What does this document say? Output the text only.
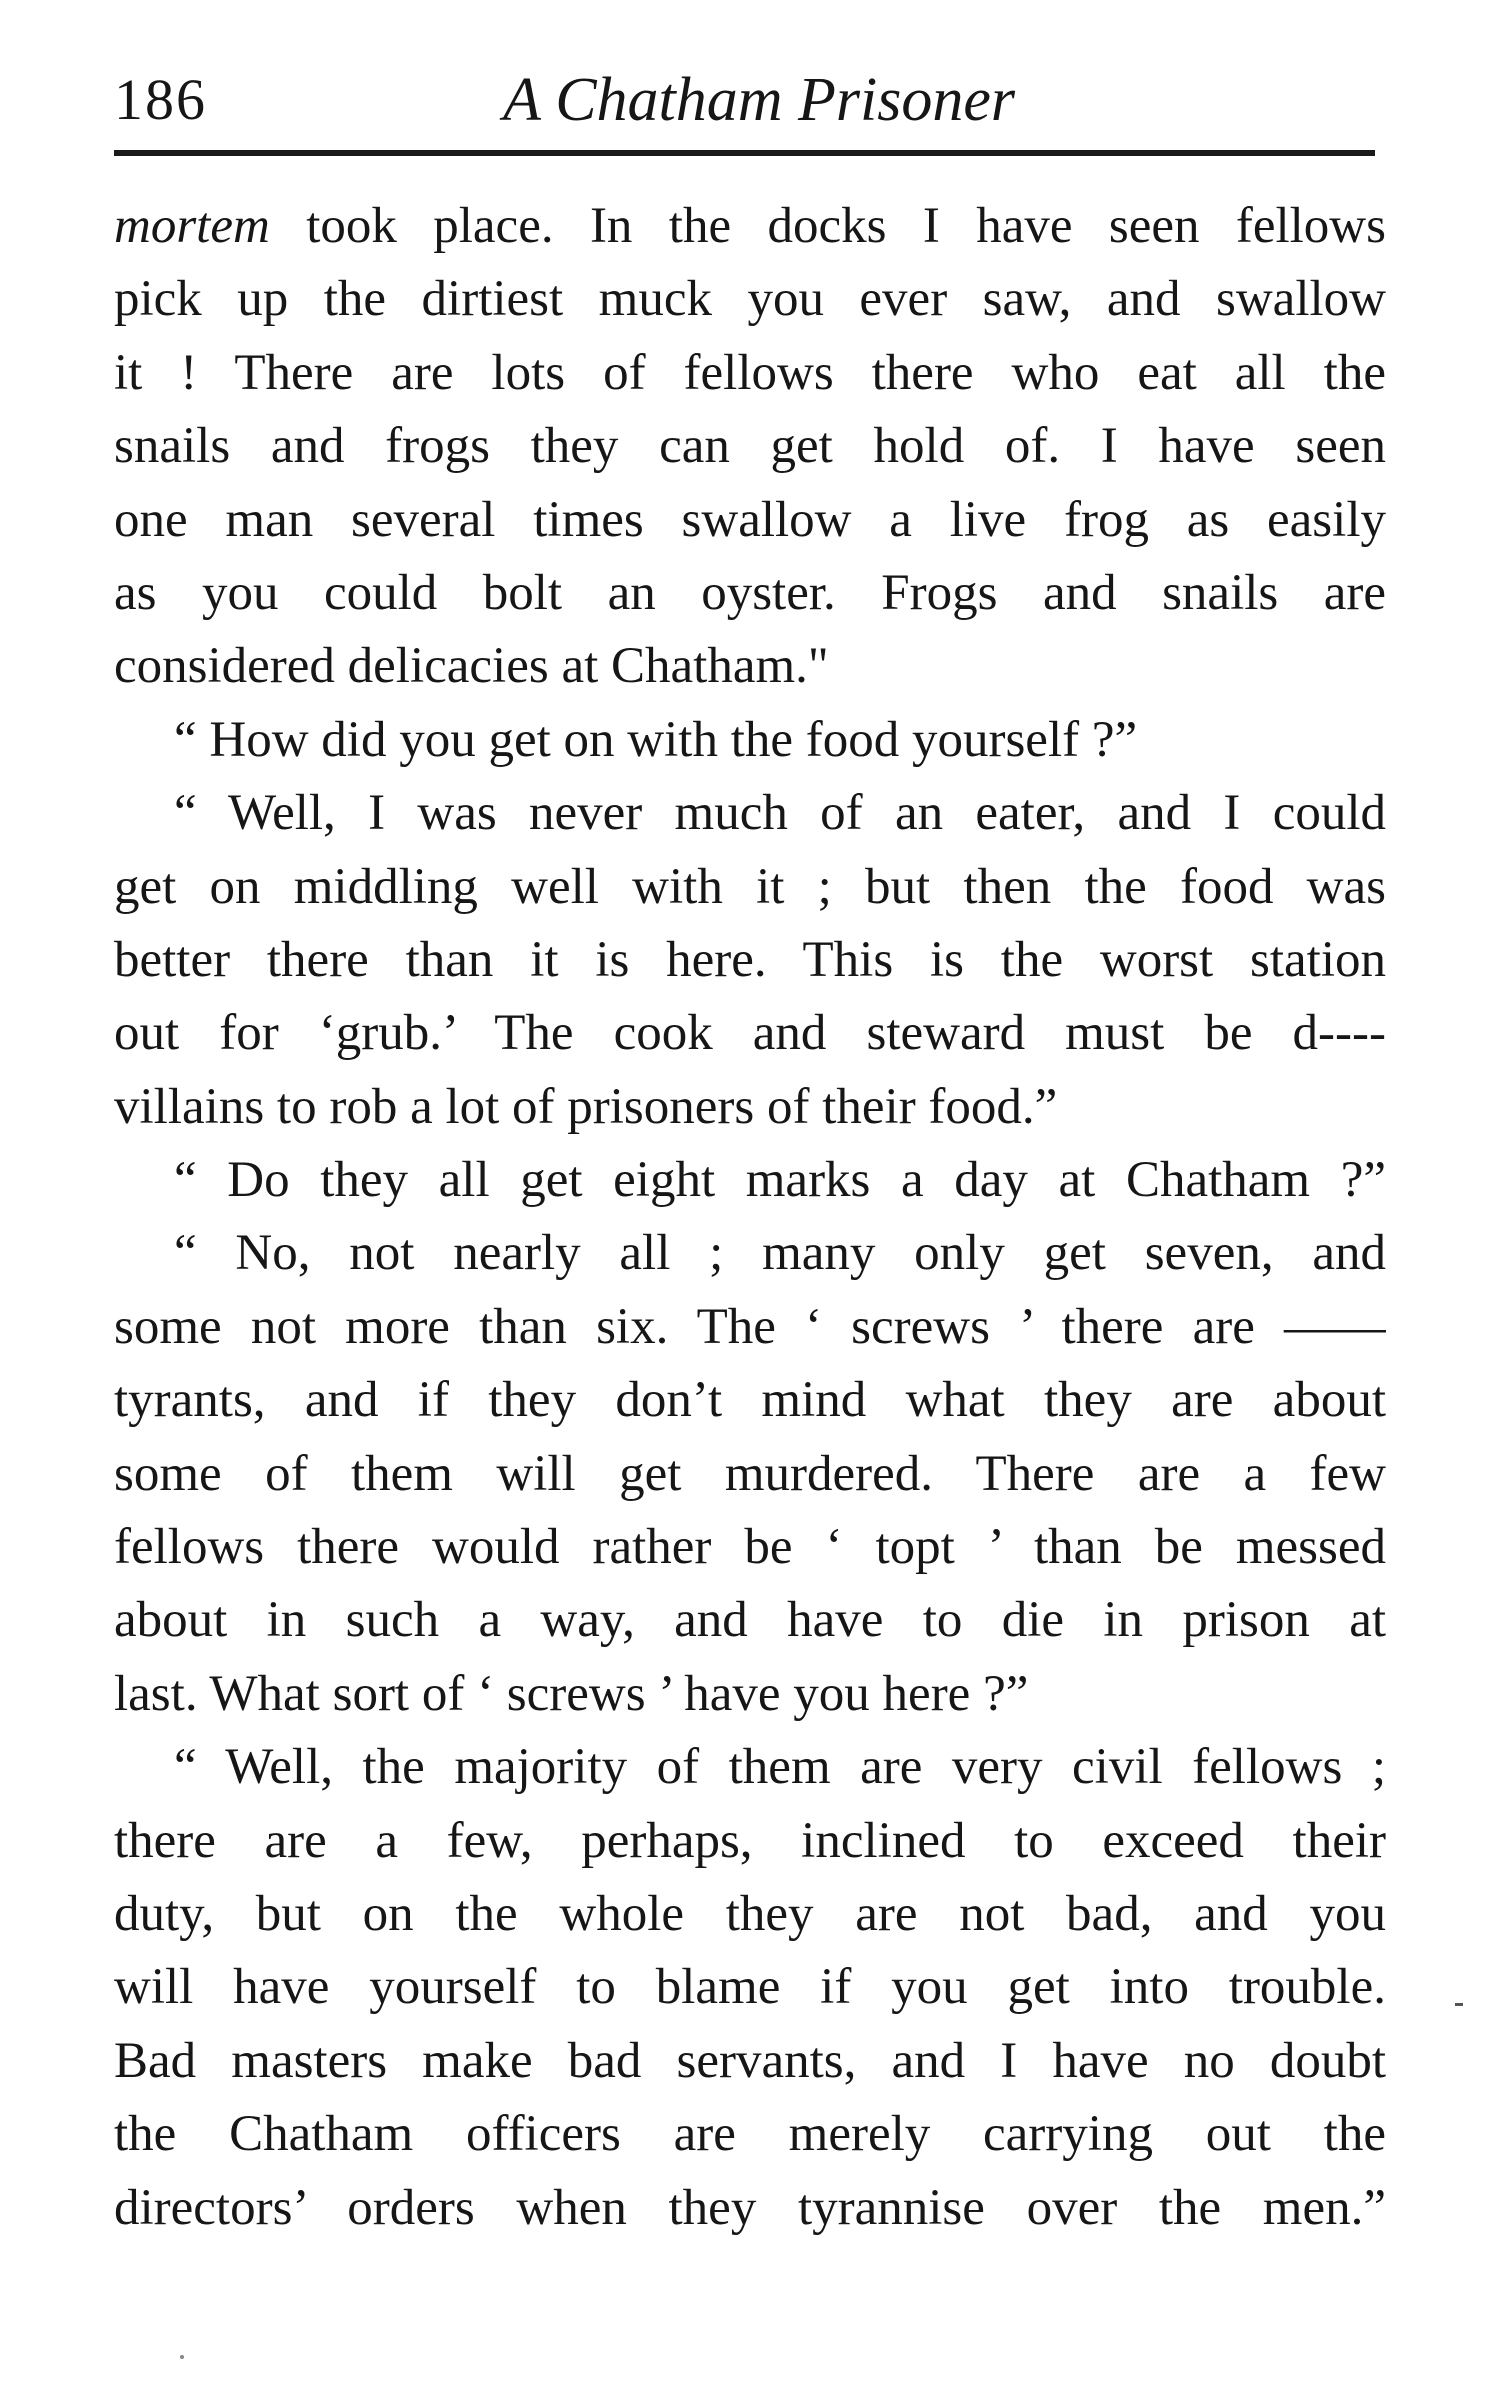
186	A Chatham Prisoner
mortem took place. In the docks I have seen fellows
pick up the dirtiest muck you ever saw, and swallow
it ! There are lots of fellows there who eat all the
snails and frogs they can get hold of. I have seen
one man several times swallow a live frog as easily
as you could bolt an oyster. Frogs and snails are
considered delicacies at Chatham."
“ How did you get on with the food yourself ?”
“ Well, I was never much of an eater, and I could
get on middling well with it ; but then the food was
better there than it is here. This is the worst station
out for ‘grub.’ The cook and steward must be d----
villains to rob a lot of prisoners of their food.”
“ Do they all get eight marks a day at Chatham ?”
“ No, not nearly all ; many only get seven, and
some not more than six. The ‘ screws ’ there are ——
tyrants, and if they don’t mind what they are about
some of them will get murdered. There are a few
fellows there would rather be ‘ topt ’ than be messed
about in such a way, and have to die in prison at
last. What sort of ‘ screws ’ have you here ?”
“ Well, the majority of them are very civil fellows ;
there are a few, perhaps, inclined to exceed their
duty, but on the whole they are not bad, and you
will have yourself to blame if you get into trouble.
Bad masters make bad servants, and I have no doubt
the Chatham officers are merely carrying out the
directors’ orders when they tyrannise over the men.”
